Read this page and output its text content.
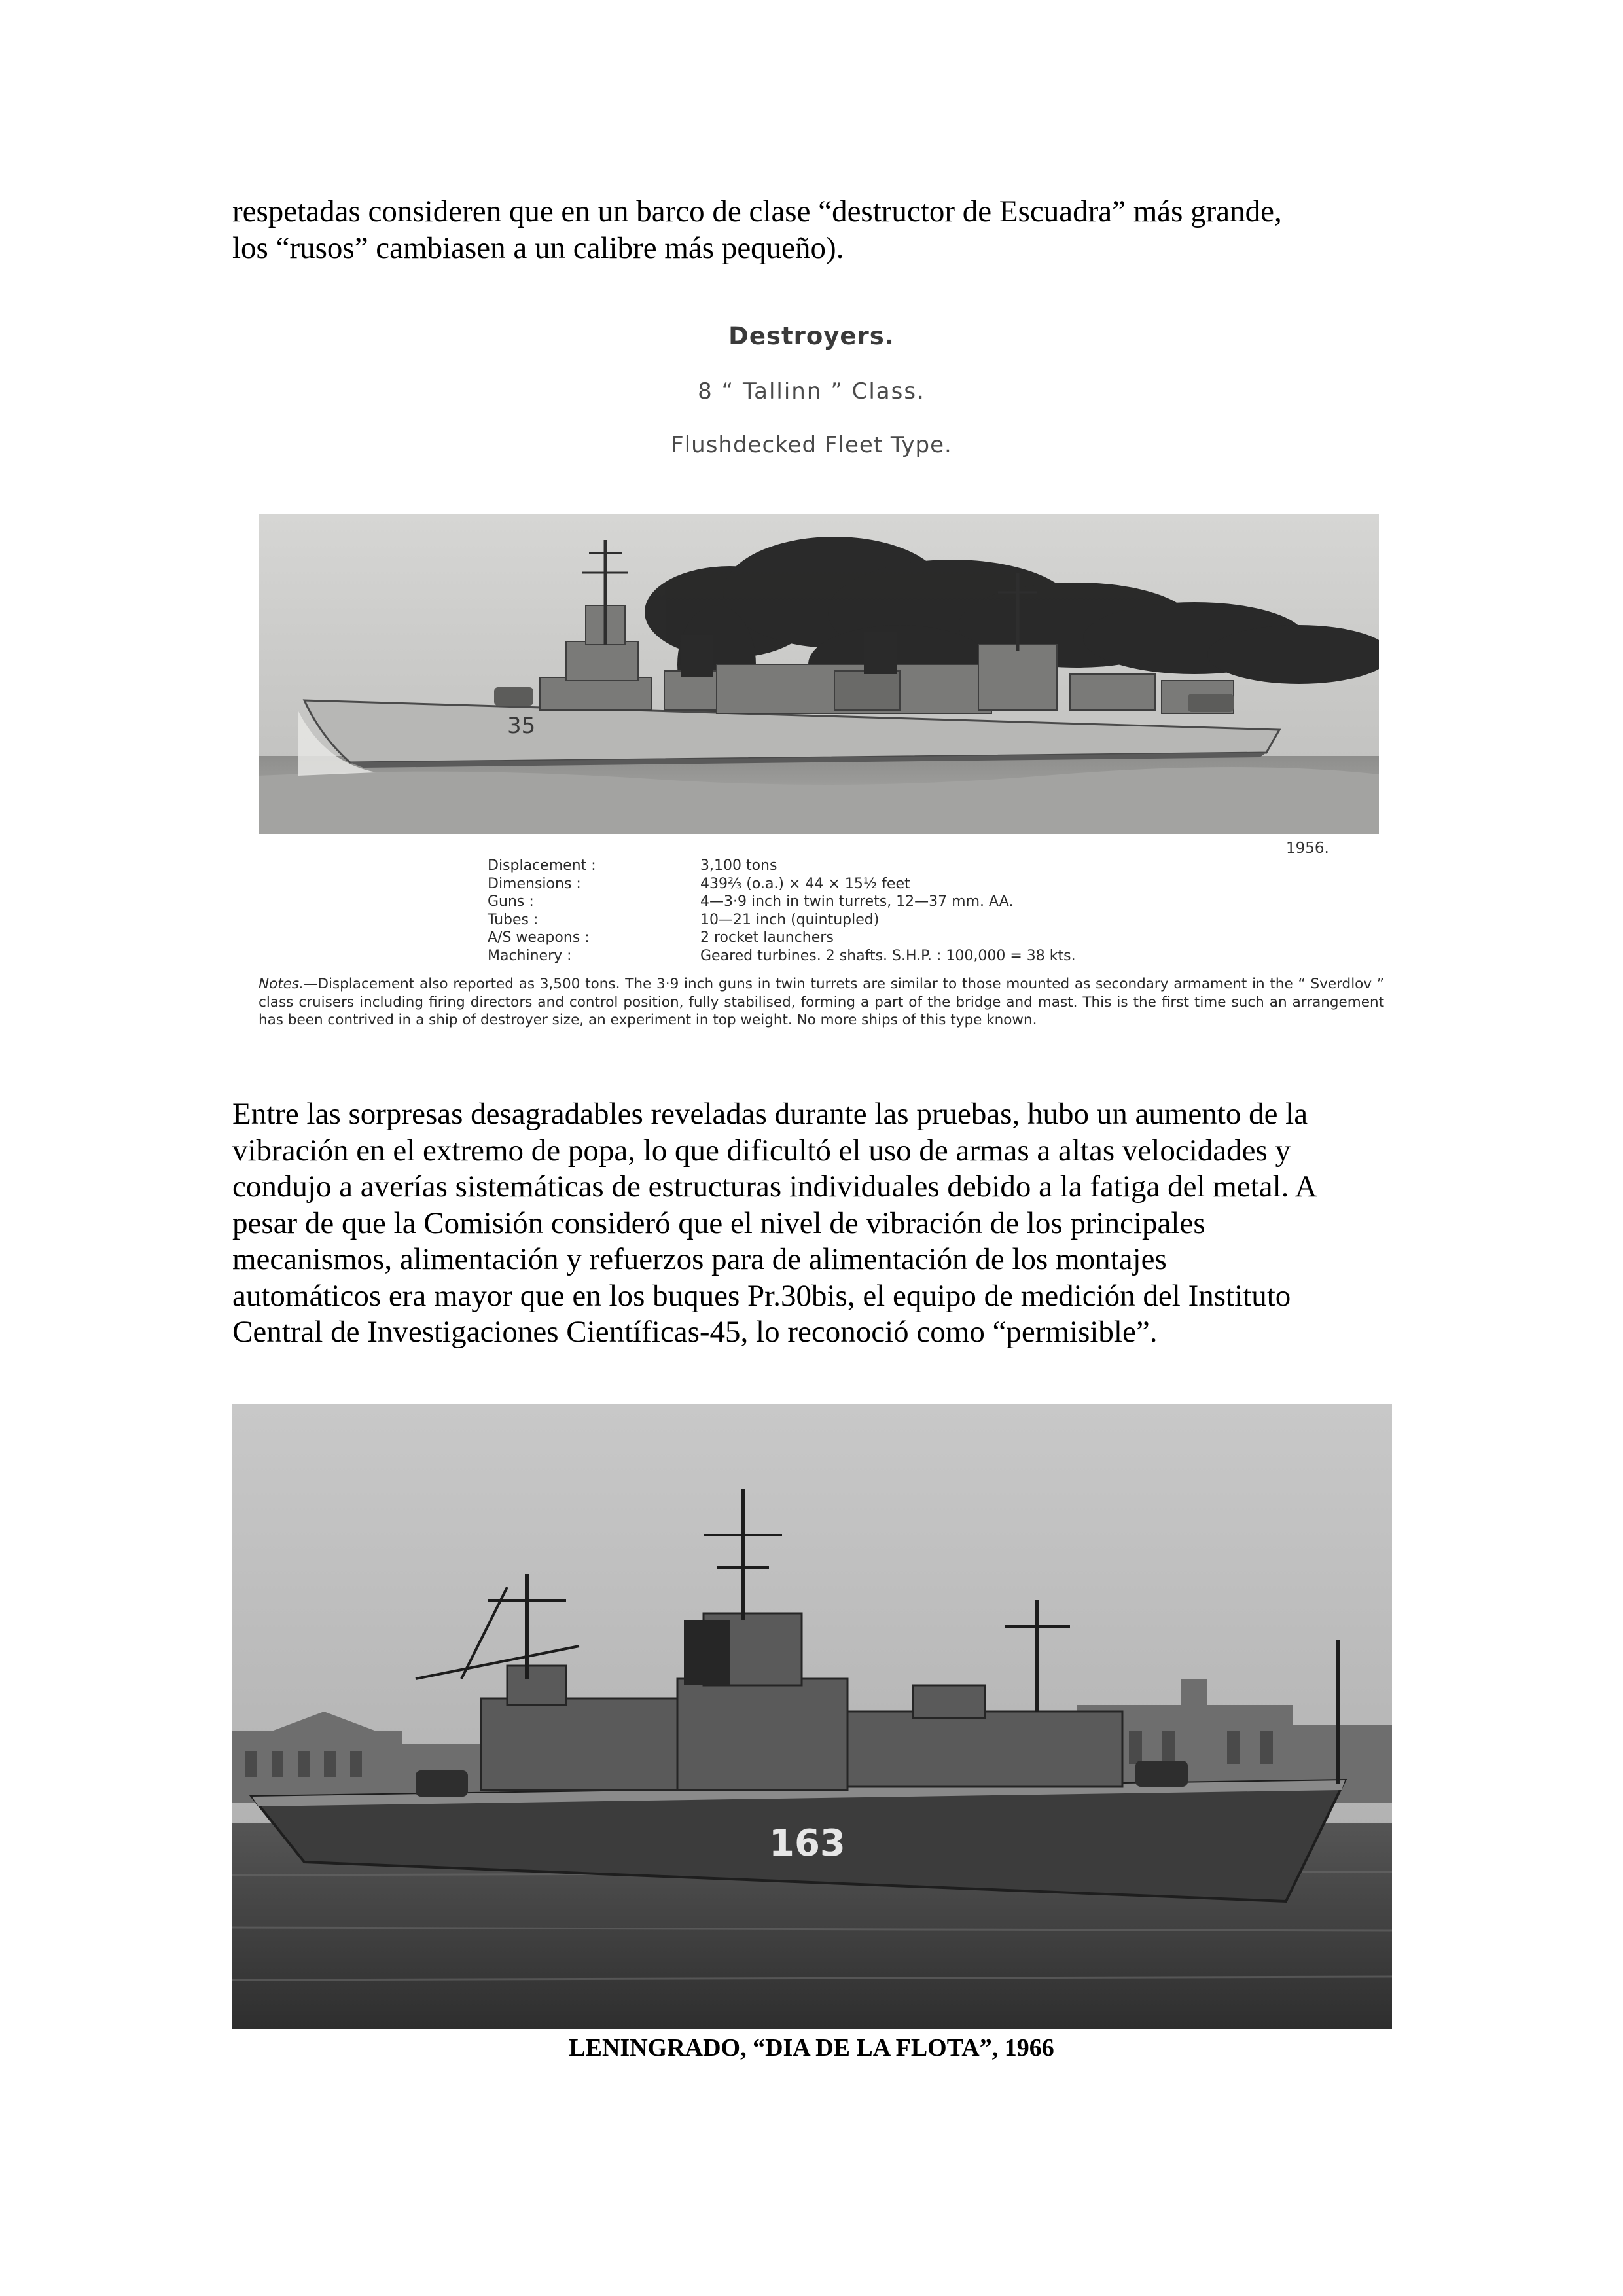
respetadas consideren que en un barco de clase “destructor de Escuadra” más grande,
los “rusos” cambiasen a un calibre más pequeño).

Destroyers.
8 “ Tallinn ” Class.
Flushdecked Fleet Type.
35
1956.
Displacement :	3,100 tons
Dimensions :	439⅔ (o.a.) × 44 × 15½ feet
Guns :	4—3·9 inch in twin turrets, 12—37 mm. AA.
Tubes :	10—21 inch (quintupled)
A/S weapons :	2 rocket launchers
Machinery :	Geared turbines. 2 shafts. S.H.P. : 100,000 = 38 kts.

Notes.—Displacement also reported as 3,500 tons. The 3·9 inch guns in twin turrets are similar to those mounted as secondary armament in the “ Sverdlov ” class cruisers including firing directors and control position, fully stabilised, forming a part of the bridge and mast. This is the first time such an arrangement has been contrived in a ship of destroyer size, an experiment in top weight. No more ships of this type known.

Entre las sorpresas desagradables reveladas durante las pruebas, hubo un aumento de la
vibración en el extremo de popa, lo que dificultó el uso de armas a altas velocidades y
condujo a averías sistemáticas de estructuras individuales debido a la fatiga del metal. A
pesar de que la Comisión consideró que el nivel de vibración de los principales
mecanismos, alimentación y refuerzos para de alimentación de los montajes
automáticos era mayor que en los buques Pr.30bis, el equipo de medición del Instituto
Central de Investigaciones Científicas-45, lo reconoció como “permisible”.

163
LENINGRADO, “DIA DE LA FLOTA”, 1966
